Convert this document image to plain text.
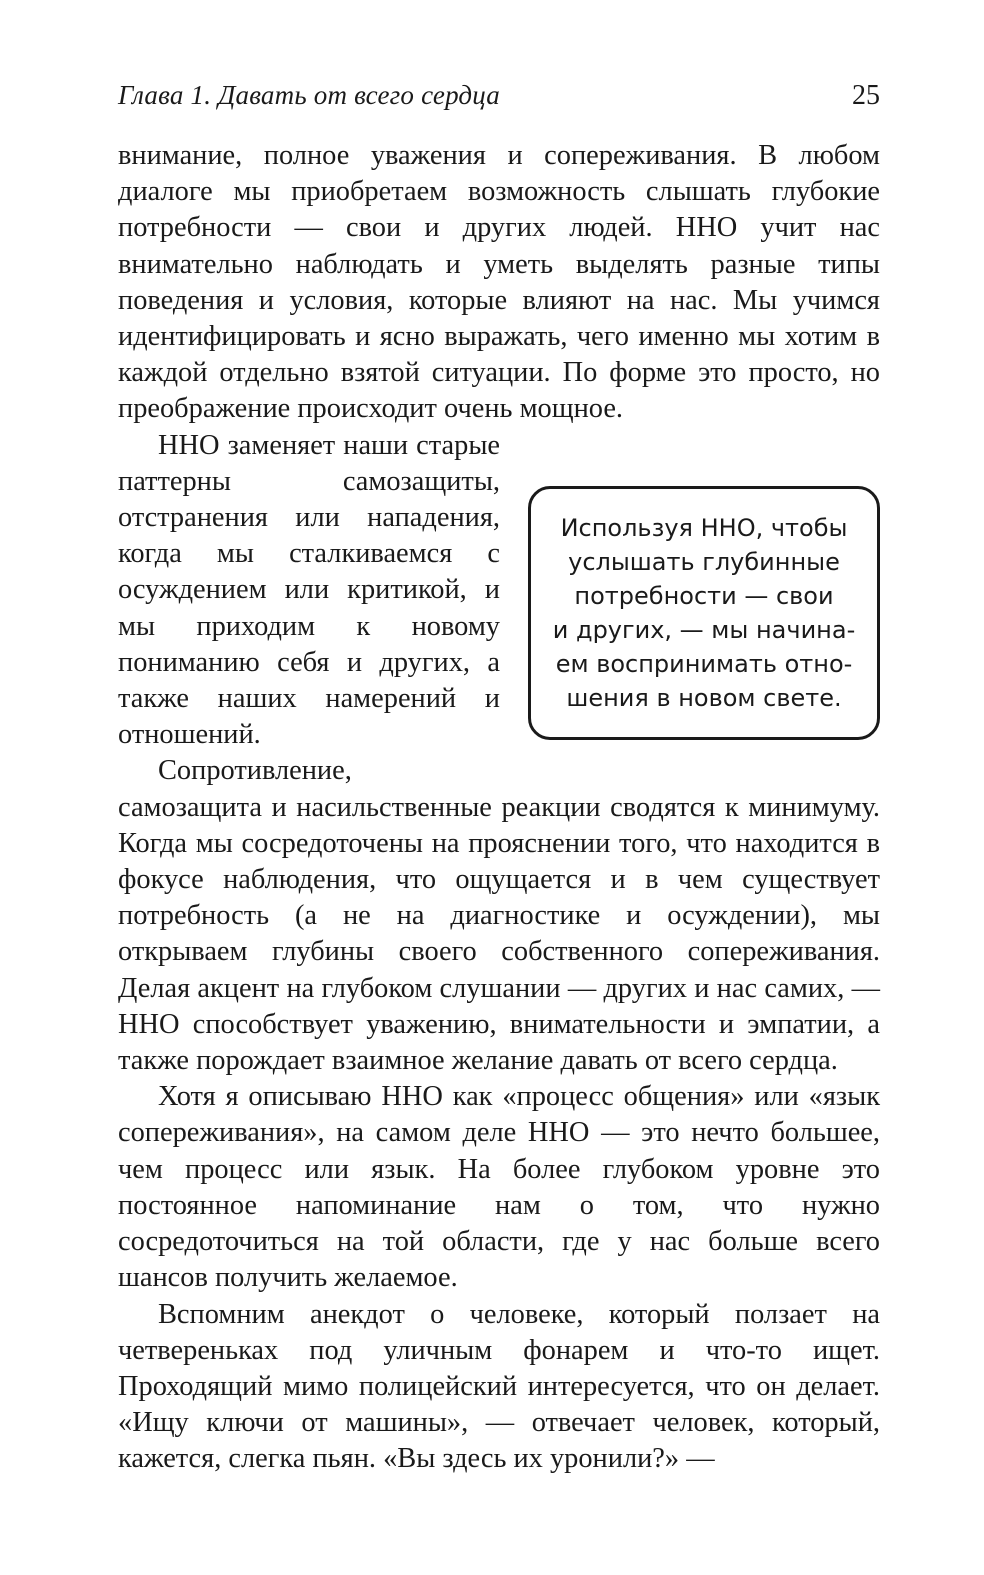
Глава 1. Давать от всего сердца	25

внимание, полное уважения и сопереживания. В любом диалоге мы приобретаем возможность слышать глубокие потребности — свои и других людей. ННО учит нас внимательно наблюдать и уметь выделять разные типы поведения и условия, которые влияют на нас. Мы учимся идентифицировать и ясно выражать, чего именно мы хотим в каждой отдельно взятой ситуации. По форме это просто, но преображение происходит очень мощное.

Используя ННО, чтобы
услышать глубинные
потребности — свои
и других, — мы начина-
ем воспринимать отно-
шения в новом свете.
ННО заменяет наши старые паттерны самозащиты, отстранения или нападения, когда мы сталкиваемся с осуждением или критикой, и мы приходим к новому пониманию себя и других, а также наших намерений и отношений.

Сопротивление, самозащита и насильственные реакции сводятся к минимуму. Когда мы сосредоточены на прояснении того, что находится в фокусе наблюдения, что ощущается и в чем существует потребность (а не на диагностике и осуждении), мы открываем глубины своего собственного сопереживания. Делая акцент на глубоком слушании — других и нас самих, — ННО способствует уважению, внимательности и эмпатии, а также порождает взаимное желание давать от всего сердца.

Хотя я описываю ННО как «процесс общения» или «язык сопереживания», на самом деле ННО — это нечто большее, чем процесс или язык. На более глубоком уровне это постоянное напоминание нам о том, что нужно сосредоточиться на той области, где у нас больше всего шансов получить желаемое.

Вспомним анекдот о человеке, который ползает на четвереньках под уличным фонарем и что-то ищет. Проходящий мимо полицейский интересуется, что он делает. «Ищу ключи от машины», — отвечает человек, который, кажется, слегка пьян. «Вы здесь их уронили?» —
